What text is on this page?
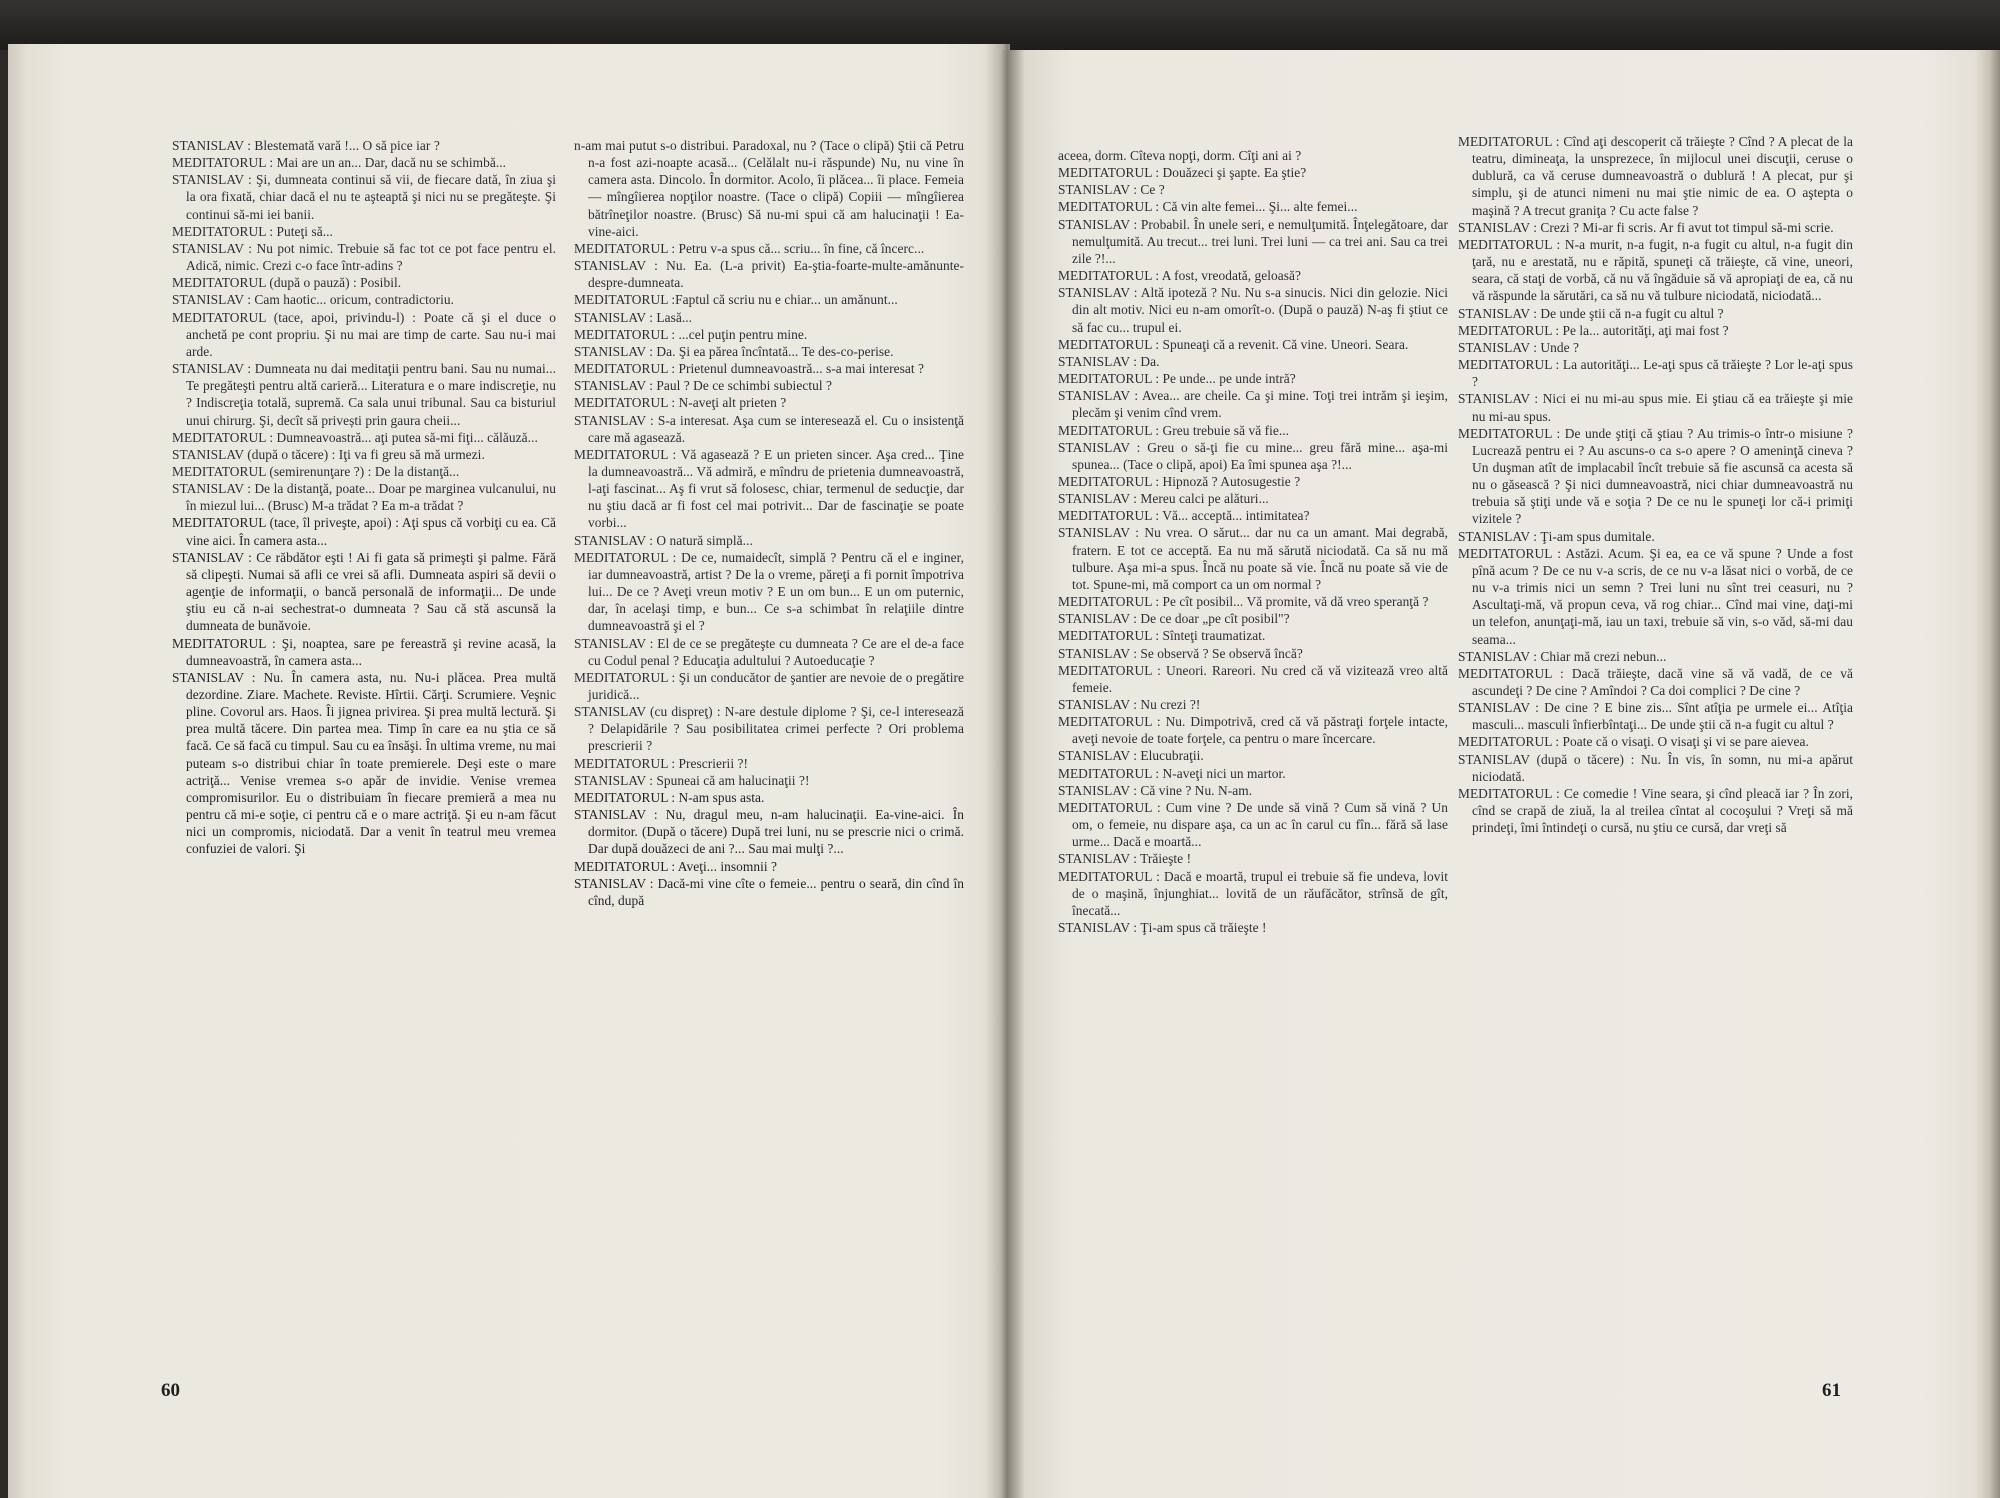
STANISLAV : Blestemată vară !... O să pice iar ?

MEDITATORUL : Mai are un an... Dar, dacă nu se schimbă...

STANISLAV : Şi, dumneata continui să vii, de fiecare dată, în ziua şi la ora fixată, chiar dacă el nu te aşteaptă şi nici nu se pregăteşte. Şi continui să-mi iei banii.

MEDITATORUL : Puteţi să...

STANISLAV : Nu pot nimic. Trebuie să fac tot ce pot face pentru el. Adică, nimic. Crezi c-o face într-adins ?

MEDITATORUL (după o pauză) : Posibil.

STANISLAV : Cam haotic... oricum, contradictoriu.

MEDITATORUL (tace, apoi, privindu-l) : Poate că şi el duce o anchetă pe cont propriu. Şi nu mai are timp de carte. Sau nu-i mai arde.

STANISLAV : Dumneata nu dai meditaţii pentru bani. Sau nu numai... Te pregăteşti pentru altă carieră... Literatura e o mare indiscreţie, nu ? Indiscreţia totală, supremă. Ca sala unui tribunal. Sau ca bisturiul unui chirurg. Şi, decît să privești prin gaura cheii...

MEDITATORUL : Dumneavoastră... aţi putea să-mi fiţi... călăuză...

STANISLAV (după o tăcere) : Iţi va fi greu să mă urmezi.

MEDITATORUL (semirenunţare ?) : De la distanţă...

STANISLAV : De la distanţă, poate... Doar pe marginea vulcanului, nu în miezul lui... (Brusc) M-a trădat ? Ea m-a trădat ?

MEDITATORUL (tace, îl priveşte, apoi) : Aţi spus că vorbiţi cu ea. Că vine aici. În camera asta...

STANISLAV : Ce răbdător eşti ! Ai fi gata să primeşti şi palme. Fără să clipeşti. Numai să afli ce vrei să afli. Dumneata aspiri să devii o agenţie de informaţii, o bancă personală de informaţii... De unde ştiu eu că n-ai sechestrat-o dumneata ? Sau că stă ascunsă la dumneata de bunăvoie.

MEDITATORUL : Şi, noaptea, sare pe fereastră şi revine acasă, la dumneavoastră, în camera asta...

STANISLAV : Nu. În camera asta, nu. Nu-i plăcea. Prea multă dezordine. Ziare. Machete. Reviste. Hîrtii. Cărţi. Scrumiere. Veşnic pline. Covorul ars. Haos. Îi jignea privirea. Şi prea multă lectură. Şi prea multă tăcere. Din partea mea. Timp în care ea nu ştia ce să facă. Ce să facă cu timpul. Sau cu ea însăşi. În ultima vreme, nu mai puteam s-o distribui chiar în toate premierele. Deşi este o mare actriţă... Venise vremea s-o apăr de invidie. Venise vremea compromisurilor. Eu o distribuiam în fiecare premieră a mea nu pentru că mi-e soţie, ci pentru că e o mare actriţă. Şi eu n-am făcut nici un compromis, niciodată. Dar a venit în teatrul meu vremea confuziei de valori. Şi

n-am mai putut s-o distribui. Paradoxal, nu ? (Tace o clipă) Ştii că Petru n-a fost azi-noapte acasă... (Celălalt nu-i răspunde) Nu, nu vine în camera asta. Dincolo. În dormitor. Acolo, îi plăcea... îi place. Femeia — mîngîierea nopţilor noastre. (Tace o clipă) Copiii — mîngîierea bătrîneţilor noastre. (Brusc) Să nu-mi spui că am halucinaţii ! Ea-vine-aici.

MEDITATORUL : Petru v-a spus că... scriu... în fine, că încerc...

STANISLAV : Nu. Ea. (L-a privit) Ea-ştia-foarte-multe-amănunte-despre-dumneata.

MEDITATORUL :Faptul că scriu nu e chiar... un amănunt...

STANISLAV : Lasă...

MEDITATORUL : ...cel puţin pentru mine.

STANISLAV : Da. Şi ea părea încîntată... Te des-co-perise.

MEDITATORUL : Prietenul dumneavoastră... s-a mai interesat ?

STANISLAV : Paul ? De ce schimbi subiectul ?

MEDITATORUL : N-aveţi alt prieten ?

STANISLAV : S-a interesat. Aşa cum se interesează el. Cu o insistenţă care mă agasează.

MEDITATORUL : Vă agasează ? E un prieten sincer. Aşa cred... Ţine la dumneavoastră... Vă admiră, e mîndru de prietenia dumneavoastră, l-aţi fascinat... Aş fi vrut să folosesc, chiar, termenul de seducţie, dar nu ştiu dacă ar fi fost cel mai potrivit... Dar de fascinaţie se poate vorbi...

STANISLAV : O natură simplă...

MEDITATORUL : De ce, numaidecît, simplă ? Pentru că el e inginer, iar dumneavoastră, artist ? De la o vreme, păreţi a fi pornit împotriva lui... De ce ? Aveţi vreun motiv ? E un om bun... E un om puternic, dar, în acelaşi timp, e bun... Ce s-a schimbat în relaţiile dintre dumneavoastră şi el ?

STANISLAV : El de ce se pregăteşte cu dumneata ? Ce are el de-a face cu Codul penal ? Educaţia adultului ? Autoeducaţie ?

MEDITATORUL : Şi un conducător de şantier are nevoie de o pregătire juridică...

STANISLAV (cu dispreţ) : N-are destule diplome ? Şi, ce-l interesează ? Delapidările ? Sau posibilitatea crimei perfecte ? Ori problema prescrierii ?

MEDITATORUL : Prescrierii ?!

STANISLAV : Spuneai că am halucinaţii ?!

MEDITATORUL : N-am spus asta.

STANISLAV : Nu, dragul meu, n-am halucinaţii. Ea-vine-aici. În dormitor. (După o tăcere) După trei luni, nu se prescrie nici o crimă. Dar după douăzeci de ani ?... Sau mai mulţi ?...

MEDITATORUL : Aveţi... insomnii ?

STANISLAV : Dacă-mi vine cîte o femeie... pentru o seară, din cînd în cînd, după

aceea, dorm. Cîteva nopţi, dorm. Cîţi ani ai ?

MEDITATORUL : Douăzeci şi şapte. Ea ştie?

STANISLAV : Ce ?

MEDITATORUL : Că vin alte femei... Şi... alte femei...

STANISLAV : Probabil. În unele seri, e nemulţumită. Înţelegătoare, dar nemulţumită. Au trecut... trei luni. Trei luni — ca trei ani. Sau ca trei zile ?!...

MEDITATORUL : A fost, vreodată, geloasă?

STANISLAV : Altă ipoteză ? Nu. Nu s-a sinucis. Nici din gelozie. Nici din alt motiv. Nici eu n-am omorît-o. (După o pauză) N-aş fi ştiut ce să fac cu... trupul ei.

MEDITATORUL : Spuneaţi că a revenit. Că vine. Uneori. Seara.

STANISLAV : Da.

MEDITATORUL : Pe unde... pe unde intră?

STANISLAV : Avea... are cheile. Ca şi mine. Toţi trei intrăm şi ieşim, plecăm şi venim cînd vrem.

MEDITATORUL : Greu trebuie să vă fie...

STANISLAV : Greu o să-ţi fie cu mine... greu fără mine... aşa-mi spunea... (Tace o clipă, apoi) Ea îmi spunea aşa ?!...

MEDITATORUL : Hipnoză ? Autosugestie ?

STANISLAV : Mereu calci pe alături...

MEDITATORUL : Vă... acceptă... intimitatea?

STANISLAV : Nu vrea. O sărut... dar nu ca un amant. Mai degrabă, fratern. E tot ce acceptă. Ea nu mă sărută niciodată. Ca să nu mă tulbure. Aşa mi-a spus. Încă nu poate să vie. Încă nu poate să vie de tot. Spune-mi, mă comport ca un om normal ?

MEDITATORUL : Pe cît posibil... Vă promite, vă dă vreo speranţă ?

STANISLAV : De ce doar „pe cît posibil"?

MEDITATORUL : Sînteţi traumatizat.

STANISLAV : Se observă ? Se observă încă?

MEDITATORUL : Uneori. Rareori. Nu cred că vă vizitează vreo altă femeie.

STANISLAV : Nu crezi ?!

MEDITATORUL : Nu. Dimpotrivă, cred că vă păstraţi forţele intacte, aveţi nevoie de toate forţele, ca pentru o mare încercare.

STANISLAV : Elucubraţii.

MEDITATORUL : N-aveţi nici un martor.

STANISLAV : Că vine ? Nu. N-am.

MEDITATORUL : Cum vine ? De unde să vină ? Cum să vină ? Un om, o femeie, nu dispare aşa, ca un ac în carul cu fîn... fără să lase urme... Dacă e moartă...

STANISLAV : Trăieşte !

MEDITATORUL : Dacă e moartă, trupul ei trebuie să fie undeva, lovit de o maşină, înjunghiat... lovită de un răufăcător, strînsă de gît, înecată...

STANISLAV : Ţi-am spus că trăieşte !

MEDITATORUL : Cînd aţi descoperit că trăieşte ? Cînd ? A plecat de la teatru, dimineaţa, la unsprezece, în mijlocul unei discuţii, ceruse o dublură, ca vă ceruse dumneavoastră o dublură ! A plecat, pur şi simplu, şi de atunci nimeni nu mai ştie nimic de ea. O aştepta o maşină ? A trecut graniţa ? Cu acte false ?

STANISLAV : Crezi ? Mi-ar fi scris. Ar fi avut tot timpul să-mi scrie.

MEDITATORUL : N-a murit, n-a fugit, n-a fugit cu altul, n-a fugit din ţară, nu e arestată, nu e răpită, spuneţi că trăieşte, că vine, uneori, seara, că staţi de vorbă, că nu vă îngăduie să vă apropiaţi de ea, că nu vă răspunde la sărutări, ca să nu vă tulbure niciodată, niciodată...

STANISLAV : De unde ştii că n-a fugit cu altul ?

MEDITATORUL : Pe la... autorităţi, aţi mai fost ?

STANISLAV : Unde ?

MEDITATORUL : La autorităţi... Le-aţi spus că trăieşte ? Lor le-aţi spus ?

STANISLAV : Nici ei nu mi-au spus mie. Ei ştiau că ea trăieşte şi mie nu mi-au spus.

MEDITATORUL : De unde ştiţi că ştiau ? Au trimis-o într-o misiune ? Lucrează pentru ei ? Au ascuns-o ca s-o apere ? O ameninţă cineva ? Un duşman atît de implacabil încît trebuie să fie ascunsă ca acesta să nu o găsească ? Şi nici dumneavoastră, nici chiar dumneavoastră nu trebuia să ştiţi unde vă e soţia ? De ce nu le spuneţi lor că-i primiţi vizitele ?

STANISLAV : Ţi-am spus dumitale.

MEDITATORUL : Astăzi. Acum. Şi ea, ea ce vă spune ? Unde a fost pînă acum ? De ce nu v-a scris, de ce nu v-a lăsat nici o vorbă, de ce nu v-a trimis nici un semn ? Trei luni nu sînt trei ceasuri, nu ? Ascultaţi-mă, vă propun ceva, vă rog chiar... Cînd mai vine, daţi-mi un telefon, anunţaţi-mă, iau un taxi, trebuie să vin, s-o văd, să-mi dau seama...

STANISLAV : Chiar mă crezi nebun...

MEDITATORUL : Dacă trăieşte, dacă vine să vă vadă, de ce vă ascundeţi ? De cine ? Amîndoi ? Ca doi complici ? De cine ?

STANISLAV : De cine ? E bine zis... Sînt atîţia pe urmele ei... Atîţia masculi... masculi înfierbîntaţi... De unde ştii că n-a fugit cu altul ?

MEDITATORUL : Poate că o visaţi. O visaţi şi vi se pare aievea.

STANISLAV (după o tăcere) : Nu. În vis, în somn, nu mi-a apărut niciodată.

MEDITATORUL : Ce comedie ! Vine seara, şi cînd pleacă iar ? În zori, cînd se crapă de ziuă, la al treilea cîntat al cocoşului ? Vreţi să mă prindeţi, îmi întindeţi o cursă, nu ştiu ce cursă, dar vreţi să

60	61
